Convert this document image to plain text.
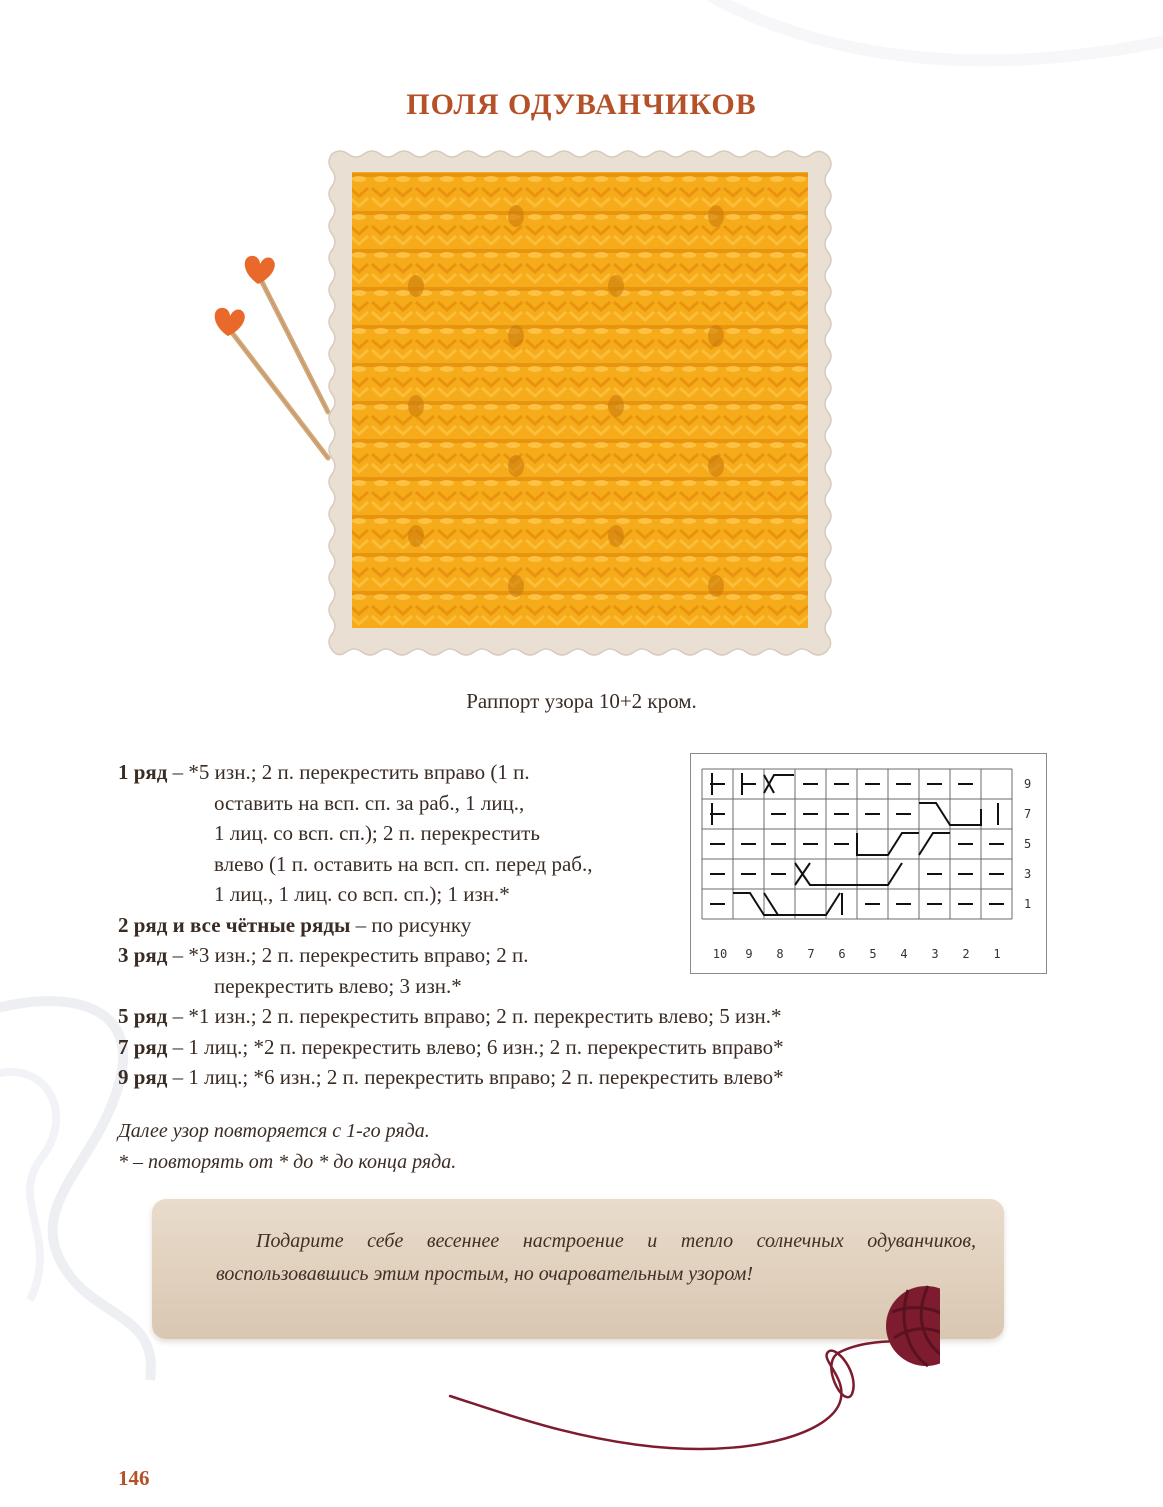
ПОЛЯ ОДУВАНЧИКОВ
Раппорт узора 10+2 кром.
1 ряд – *5 изн.; 2 п. перекрестить вправо (1 п.
оставить на всп. сп. за раб., 1 лиц.,
1 лиц. со всп. сп.); 2 п. перекрестить
влево (1 п. оставить на всп. сп. перед раб.,
1 лиц., 1 лиц. со всп. сп.); 1 изн.*
2 ряд и все чётные ряды – по рисунку
3 ряд – *3 изн.; 2 п. перекрестить вправо; 2 п.
перекрестить влево; 3 изн.*
5 ряд – *1 изн.; 2 п. перекрестить вправо; 2 п. перекрестить влево; 5 изн.*
7 ряд – 1 лиц.; *2 п. перекрестить влево; 6 изн.; 2 п. перекрестить вправо*
9 ряд – 1 лиц.; *6 изн.; 2 п. перекрестить вправо; 2 п. перекрестить влево*
9
7
5
3
1
10 9 8 7 6 5 4 3 2 1
Далее узор повторяется с 1-го ряда.
* – повторять от * до * до конца ряда.
Подарите себе весеннее настроение и тепло солнечных одуванчиков, воспользовавшись этим простым, но очаровательным узором!
146
